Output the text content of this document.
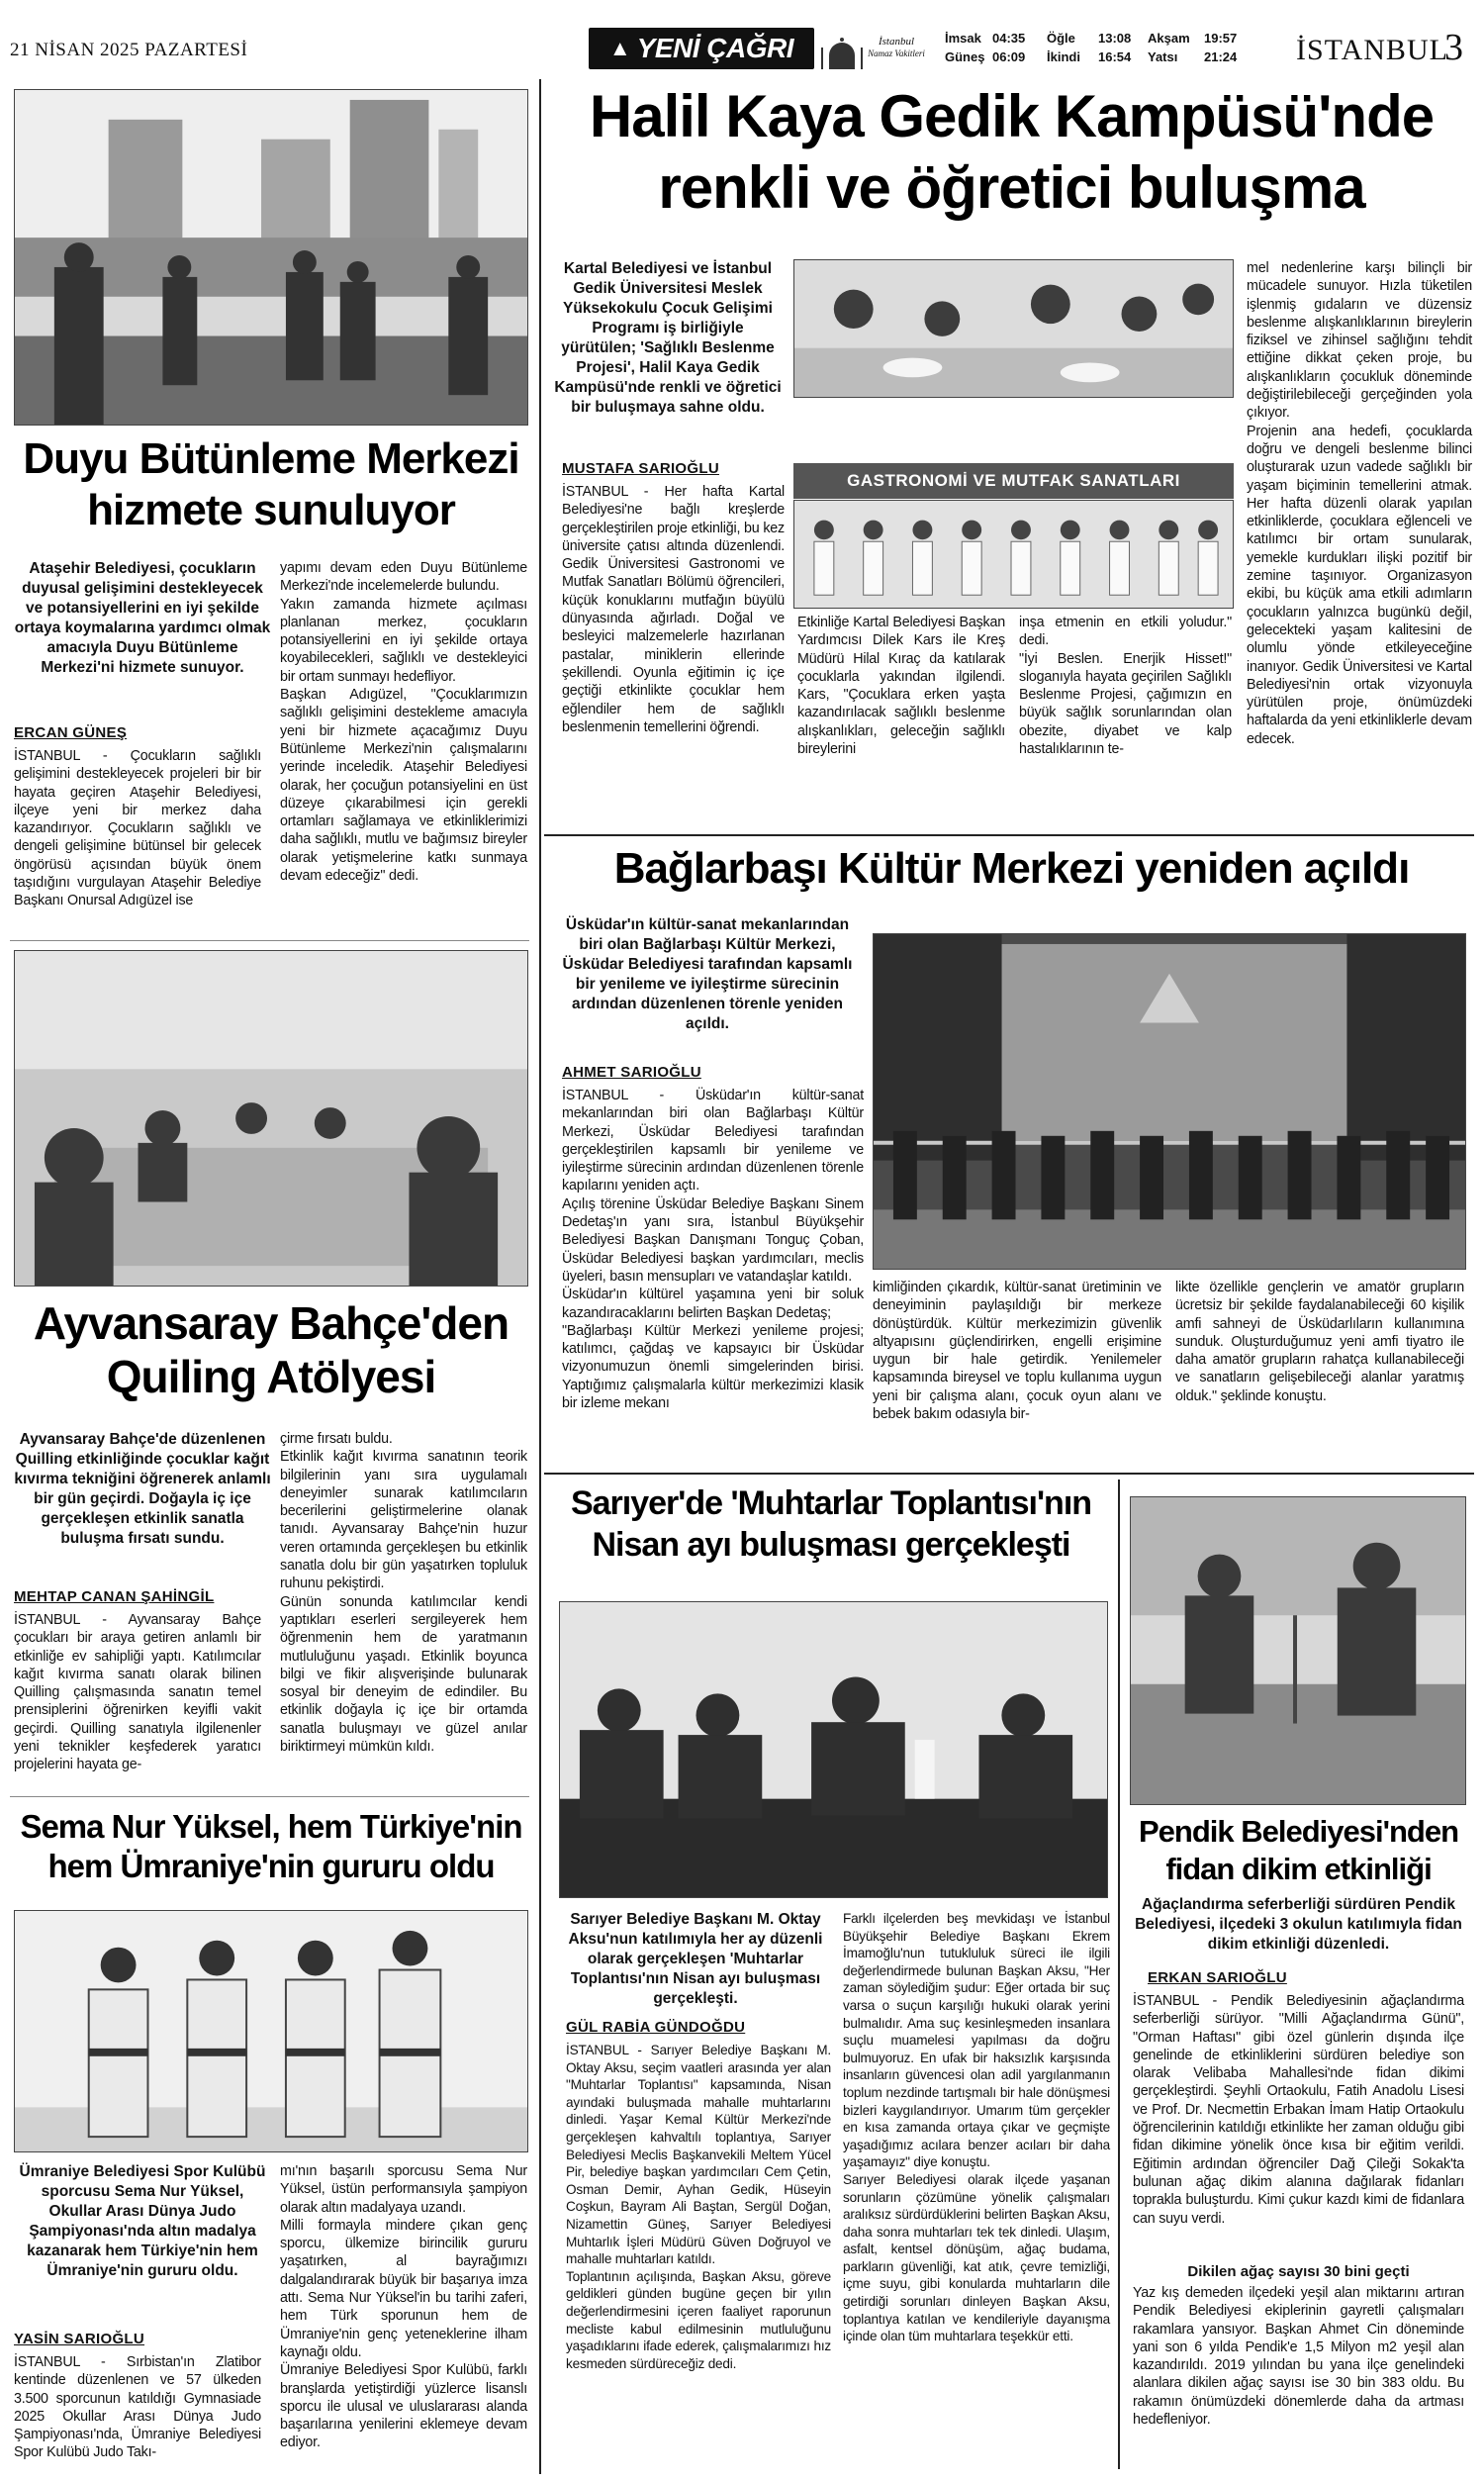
21 NİSAN 2025 PAZARTESİ	▲ YENİ ÇAĞRI	İstanbul
Namaz Vakitleri
İmsak 04:35
Güneş 06:09
Öğle 13:08
İkindi 16:54
Akşam 19:57
Yatsı 21:24 İSTANBUL
3
Duyu Bütünleme Merkezi hizmete sunuluyor
Ataşehir Belediyesi, çocukların duyusal gelişimini destekleyecek ve potansiyellerini en iyi şekilde ortaya koymalarına yardımcı olmak amacıyla Duyu Bütünleme Merkezi'ni hizmete sunuyor.
ERCAN GÜNEŞ
İSTANBUL - Çocukların sağlıklı gelişimini destekleyecek projeleri bir bir hayata geçiren Ataşehir Belediyesi, ilçeye yeni bir merkez daha kazandırıyor. Çocukların sağlıklı ve dengeli gelişimine bütünsel bir gelecek öngörüsü açısından büyük önem taşıdığını vurgulayan Ataşehir Belediye Başkanı Onursal Adıgüzel ise
yapımı devam eden Duyu Bütünleme Merkezi'nde incelemelerde bulundu.
Yakın zamanda hizmete açılması planlanan merkez, çocukların potansiyellerini en iyi şekilde ortaya koyabilecekleri, sağlıklı ve destekleyici bir ortam sunmayı hedefliyor.
Başkan Adıgüzel, "Çocuklarımızın sağlıklı gelişimini destekleme amacıyla yeni bir hizmete açacağımız Duyu Bütünleme Merkezi'nin çalışmalarını yerinde inceledik. Ataşehir Belediyesi olarak, her çocuğun potansiyelini en üst düzeye çıkarabilmesi için gerekli ortamları sağlamaya ve etkinliklerimizi daha sağlıklı, mutlu ve bağımsız bireyler olarak yetişmelerine katkı sunmaya devam edeceğiz" dedi.
Ayvansaray Bahçe'den Quiling Atölyesi
Ayvansaray Bahçe'de düzenlenen Quilling etkinliğinde çocuklar kağıt kıvırma tekniğini öğrenerek anlamlı bir gün geçirdi. Doğayla iç içe gerçekleşen etkinlik sanatla buluşma fırsatı sundu.
MEHTAP CANAN ŞAHİNGİL
İSTANBUL - Ayvansaray Bahçe çocukları bir araya getiren anlamlı bir etkinliğe ev sahipliği yaptı. Katılımcılar kağıt kıvırma sanatı olarak bilinen Quilling çalışmasında sanatın temel prensiplerini öğrenirken keyifli vakit geçirdi. Quilling sanatıyla ilgilenenler yeni teknikler keşfederek yaratıcı projelerini hayata ge-
çirme fırsatı buldu.
Etkinlik kağıt kıvırma sanatının teorik bilgilerinin yanı sıra uygulamalı deneyimler sunarak katılımcıların becerilerini geliştirmelerine olanak tanıdı. Ayvansaray Bahçe'nin huzur veren ortamında gerçekleşen bu etkinlik sanatla dolu bir gün yaşatırken topluluk ruhunu pekiştirdi.
Günün sonunda katılımcılar kendi yaptıkları eserleri sergileyerek hem öğrenmenin hem de yaratmanın mutluluğunu yaşadı. Etkinlik boyunca bilgi ve fikir alışverişinde bulunarak sosyal bir deneyim de edindiler. Bu etkinlik doğayla iç içe bir ortamda sanatla buluşmayı ve güzel anılar biriktirmeyi mümkün kıldı.
Sema Nur Yüksel, hem Türkiye'nin hem Ümraniye'nin gururu oldu
Ümraniye Belediyesi Spor Kulübü sporcusu Sema Nur Yüksel, Okullar Arası Dünya Judo Şampiyonası'nda altın madalya kazanarak hem Türkiye'nin hem Ümraniye'nin gururu oldu.
YASİN SARIOĞLU
İSTANBUL - Sırbistan'ın Zlatibor kentinde düzenlenen ve 57 ülkeden 3.500 sporcunun katıldığı Gymnasiade 2025 Okullar Arası Dünya Judo Şampiyonası'nda, Ümraniye Belediyesi Spor Kulübü Judo Takı-
mı'nın başarılı sporcusu Sema Nur Yüksel, üstün performansıyla şampiyon olarak altın madalyaya uzandı.
Milli formayla mindere çıkan genç sporcu, ülkemize birincilik gururu yaşatırken, al bayrağımızı dalgalandırarak büyük bir başarıya imza attı. Sema Nur Yüksel'in bu tarihi zaferi, hem Türk sporunun hem de Ümraniye'nin genç yeteneklerine ilham kaynağı oldu.
Ümraniye Belediyesi Spor Kulübü, farklı branşlarda yetiştirdiği yüzlerce lisanslı sporcu ile ulusal ve uluslararası alanda başarılarına yenilerini eklemeye devam ediyor.
Halil Kaya Gedik Kampüsü'nde renkli ve öğretici buluşma
Kartal Belediyesi ve İstanbul Gedik Üniversitesi Meslek Yüksekokulu Çocuk Gelişimi Programı iş birliğiyle yürütülen; 'Sağlıklı Beslenme Projesi', Halil Kaya Gedik Kampüsü'nde renkli ve öğretici bir buluşmaya sahne oldu.
MUSTAFA SARIOĞLU
İSTANBUL - Her hafta Kartal Belediyesi'ne bağlı kreşlerde gerçekleştirilen proje etkinliği, bu kez üniversite çatısı altında düzenlendi. Gedik Üniversitesi Gastronomi ve Mutfak Sanatları Bölümü öğrencileri, küçük konuklarını mutfağın büyülü dünyasında ağırladı. Doğal ve besleyici malzemelerle hazırlanan pastalar, miniklerin ellerinde şekillendi. Oyunla eğitimin iç içe geçtiği etkinlikte çocuklar hem eğlendiler hem de sağlıklı beslenmenin temellerini öğrendi.
GASTRONOMİ VE MUTFAK SANATLARI
Etkinliğe Kartal Belediyesi Başkan Yardımcısı Dilek Kars ile Kreş Müdürü Hilal Kıraç da katılarak çocuklarla yakından ilgilendi. Kars, "Çocuklara erken yaşta kazandırılacak sağlıklı beslenme alışkanlıkları, geleceğin sağlıklı bireylerini
inşa etmenin en etkili yoludur." dedi.
"İyi Beslen. Enerjik Hisset!" sloganıyla hayata geçirilen Sağlıklı Beslenme Projesi, çağımızın en büyük sağlık sorunlarından olan obezite, diyabet ve kalp hastalıklarının te-
mel nedenlerine karşı bilinçli bir mücadele sunuyor. Hızla tüketilen işlenmiş gıdaların ve düzensiz beslenme alışkanlıklarının bireylerin fiziksel ve zihinsel sağlığını tehdit ettiğine dikkat çeken proje, bu alışkanlıkların çocukluk döneminde değiştirilebileceği gerçeğinden yola çıkıyor.
Projenin ana hedefi, çocuklarda doğru ve dengeli beslenme bilinci oluşturarak uzun vadede sağlıklı bir yaşam biçiminin temellerini atmak. Her hafta düzenli olarak yapılan etkinliklerde, çocuklara eğlenceli ve katılımcı bir ortam sunularak, yemekle kurdukları ilişki pozitif bir zemine taşınıyor. Organizasyon ekibi, bu küçük ama etkili adımların çocukların yalnızca bugünkü değil, gelecekteki yaşam kalitesini de olumlu yönde etkileyeceğine inanıyor. Gedik Üniversitesi ve Kartal Belediyesi'nin ortak vizyonuyla yürütülen proje, önümüzdeki haftalarda da yeni etkinliklerle devam edecek.
Bağlarbaşı Kültür Merkezi yeniden açıldı
Üsküdar'ın kültür-sanat mekanlarından biri olan Bağlarbaşı Kültür Merkezi, Üsküdar Belediyesi tarafından kapsamlı bir yenileme ve iyileştirme sürecinin ardından düzenlenen törenle yeniden açıldı.
AHMET SARIOĞLU
İSTANBUL - Üsküdar'ın kültür-sanat mekanlarından biri olan Bağlarbaşı Kültür Merkezi, Üsküdar Belediyesi tarafından gerçekleştirilen kapsamlı bir yenileme ve iyileştirme sürecinin ardından düzenlenen törenle kapılarını yeniden açtı.
Açılış törenine Üsküdar Belediye Başkanı Sinem Dedetaş'ın yanı sıra, İstanbul Büyükşehir Belediyesi Başkan Danışmanı Tonguç Çoban, Üsküdar Belediyesi başkan yardımcıları, meclis üyeleri, basın mensupları ve vatandaşlar katıldı.
Üsküdar'ın kültürel yaşamına yeni bir soluk kazandıracaklarını belirten Başkan Dedetaş;
"Bağlarbaşı Kültür Merkezi yenileme projesi; katılımcı, çağdaş ve kapsayıcı bir Üsküdar vizyonumuzun önemli simgelerinden birisi. Yaptığımız çalışmalarla kültür merkezimizi klasik bir izleme mekanı
kimliğinden çıkardık, kültür-sanat üretiminin ve deneyiminin paylaşıldığı bir merkeze dönüştürdük. Kültür merkezimizin güvenlik altyapısını güçlendirirken, engelli erişimine uygun bir hale getirdik. Yenilemeler kapsamında bireysel ve toplu kullanıma uygun yeni bir çalışma alanı, çocuk oyun alanı ve bebek bakım odasıyla bir-
likte özellikle gençlerin ve amatör grupların ücretsiz bir şekilde faydalanabileceği 60 kişilik amfi sahneyi de Üsküdarlıların kullanımına sunduk. Oluşturduğumuz yeni amfi tiyatro ile daha amatör grupların rahatça kullanabileceği ve sanatların gelişebileceği alanlar yaratmış olduk." şeklinde konuştu.
Sarıyer'de 'Muhtarlar Toplantısı'nın Nisan ayı buluşması gerçekleşti
Sarıyer Belediye Başkanı M. Oktay Aksu'nun katılımıyla her ay düzenli olarak gerçekleşen 'Muhtarlar Toplantısı'nın Nisan ayı buluşması gerçekleşti.
GÜL RABİA GÜNDOĞDU
İSTANBUL - Sarıyer Belediye Başkanı M. Oktay Aksu, seçim vaatleri arasında yer alan "Muhtarlar Toplantısı" kapsamında, Nisan ayındaki buluşmada mahalle muhtarlarını dinledi. Yaşar Kemal Kültür Merkezi'nde gerçekleşen kahvaltılı toplantıya, Sarıyer Belediyesi Meclis Başkanvekili Meltem Yücel Pir, belediye başkan yardımcıları Cem Çetin, Osman Demir, Ayhan Gedik, Hüseyin Coşkun, Bayram Ali Baştan, Sergül Doğan, Nizamettin Güneş, Sarıyer Belediyesi Muhtarlık İşleri Müdürü Güven Doğruyol ve mahalle muhtarları katıldı.
Toplantının açılışında, Başkan Aksu, göreve geldikleri günden bugüne geçen bir yılın değerlendirmesini içeren faaliyet raporunun mecliste kabul edilmesinin mutluluğunu yaşadıklarını ifade ederek, çalışmalarımızı hız kesmeden sürdüreceğiz dedi.
Farklı ilçelerden beş mevkidaşı ve İstanbul Büyükşehir Belediye Başkanı Ekrem İmamoğlu'nun tutukluluk süreci ile ilgili değerlendirmede bulunan Başkan Aksu, "Her zaman söylediğim şudur: Eğer ortada bir suç varsa o suçun karşılığı hukuki olarak yerini bulmalıdır. Ama suç kesinleşmeden insanlara suçlu muamelesi yapılması da doğru bulmuyoruz. En ufak bir haksızlık karşısında insanların güvencesi olan adil yargılanmanın toplum nezdinde tartışmalı bir hale dönüşmesi bizleri kaygılandırıyor. Umarım tüm gerçekler en kısa zamanda ortaya çıkar ve geçmişte yaşadığımız acılara benzer acıları bir daha yaşamayız" diye konuştu.
Sarıyer Belediyesi olarak ilçede yaşanan sorunların çözümüne yönelik çalışmaları aralıksız sürdürdüklerini belirten Başkan Aksu, daha sonra muhtarları tek tek dinledi. Ulaşım, asfalt, kentsel dönüşüm, ağaç budama, parkların güvenliği, kat atık, çevre temizliği, içme suyu, gibi konularda muhtarların dile getirdiği sorunları dinleyen Başkan Aksu, toplantıya katılan ve kendileriyle dayanışma içinde olan tüm muhtarlara teşekkür etti.
Pendik Belediyesi'nden fidan dikim etkinliği
Ağaçlandırma seferberliği sürdüren Pendik Belediyesi, ilçedeki 3 okulun katılımıyla fidan dikim etkinliği düzenledi.
ERKAN SARIOĞLU
İSTANBUL - Pendik Belediyesinin ağaçlandırma seferberliği sürüyor. "Milli Ağaçlandırma Günü", "Orman Haftası" gibi özel günlerin dışında ilçe genelinde de etkinliklerini sürdüren belediye son olarak Velibaba Mahallesi'nde fidan dikimi gerçekleştirdi. Şeyhli Ortaokulu, Fatih Anadolu Lisesi ve Prof. Dr. Necmettin Erbakan İmam Hatip Ortaokulu öğrencilerinin katıldığı etkinlikte her zaman olduğu gibi fidan dikimine yönelik önce kısa bir eğitim verildi. Eğitimin ardından öğrenciler Dağ Çileği Sokak'ta bulunan ağaç dikim alanına dağılarak fidanları toprakla buluşturdu. Kimi çukur kazdı kimi de fidanlara can suyu verdi.
Dikilen ağaç sayısı 30 bini geçti
Yaz kış demeden ilçedeki yeşil alan miktarını artıran Pendik Belediyesi ekiplerinin gayretli çalışmaları rakamlara yansıyor. Başkan Ahmet Cin döneminde yani son 6 yılda Pendik'e 1,5 Milyon m2 yeşil alan kazandırıldı. 2019 yılından bu yana ilçe genelindeki alanlara dikilen ağaç sayısı ise 30 bin 383 oldu. Bu rakamın önümüzdeki dönemlerde daha da artması hedefleniyor.
